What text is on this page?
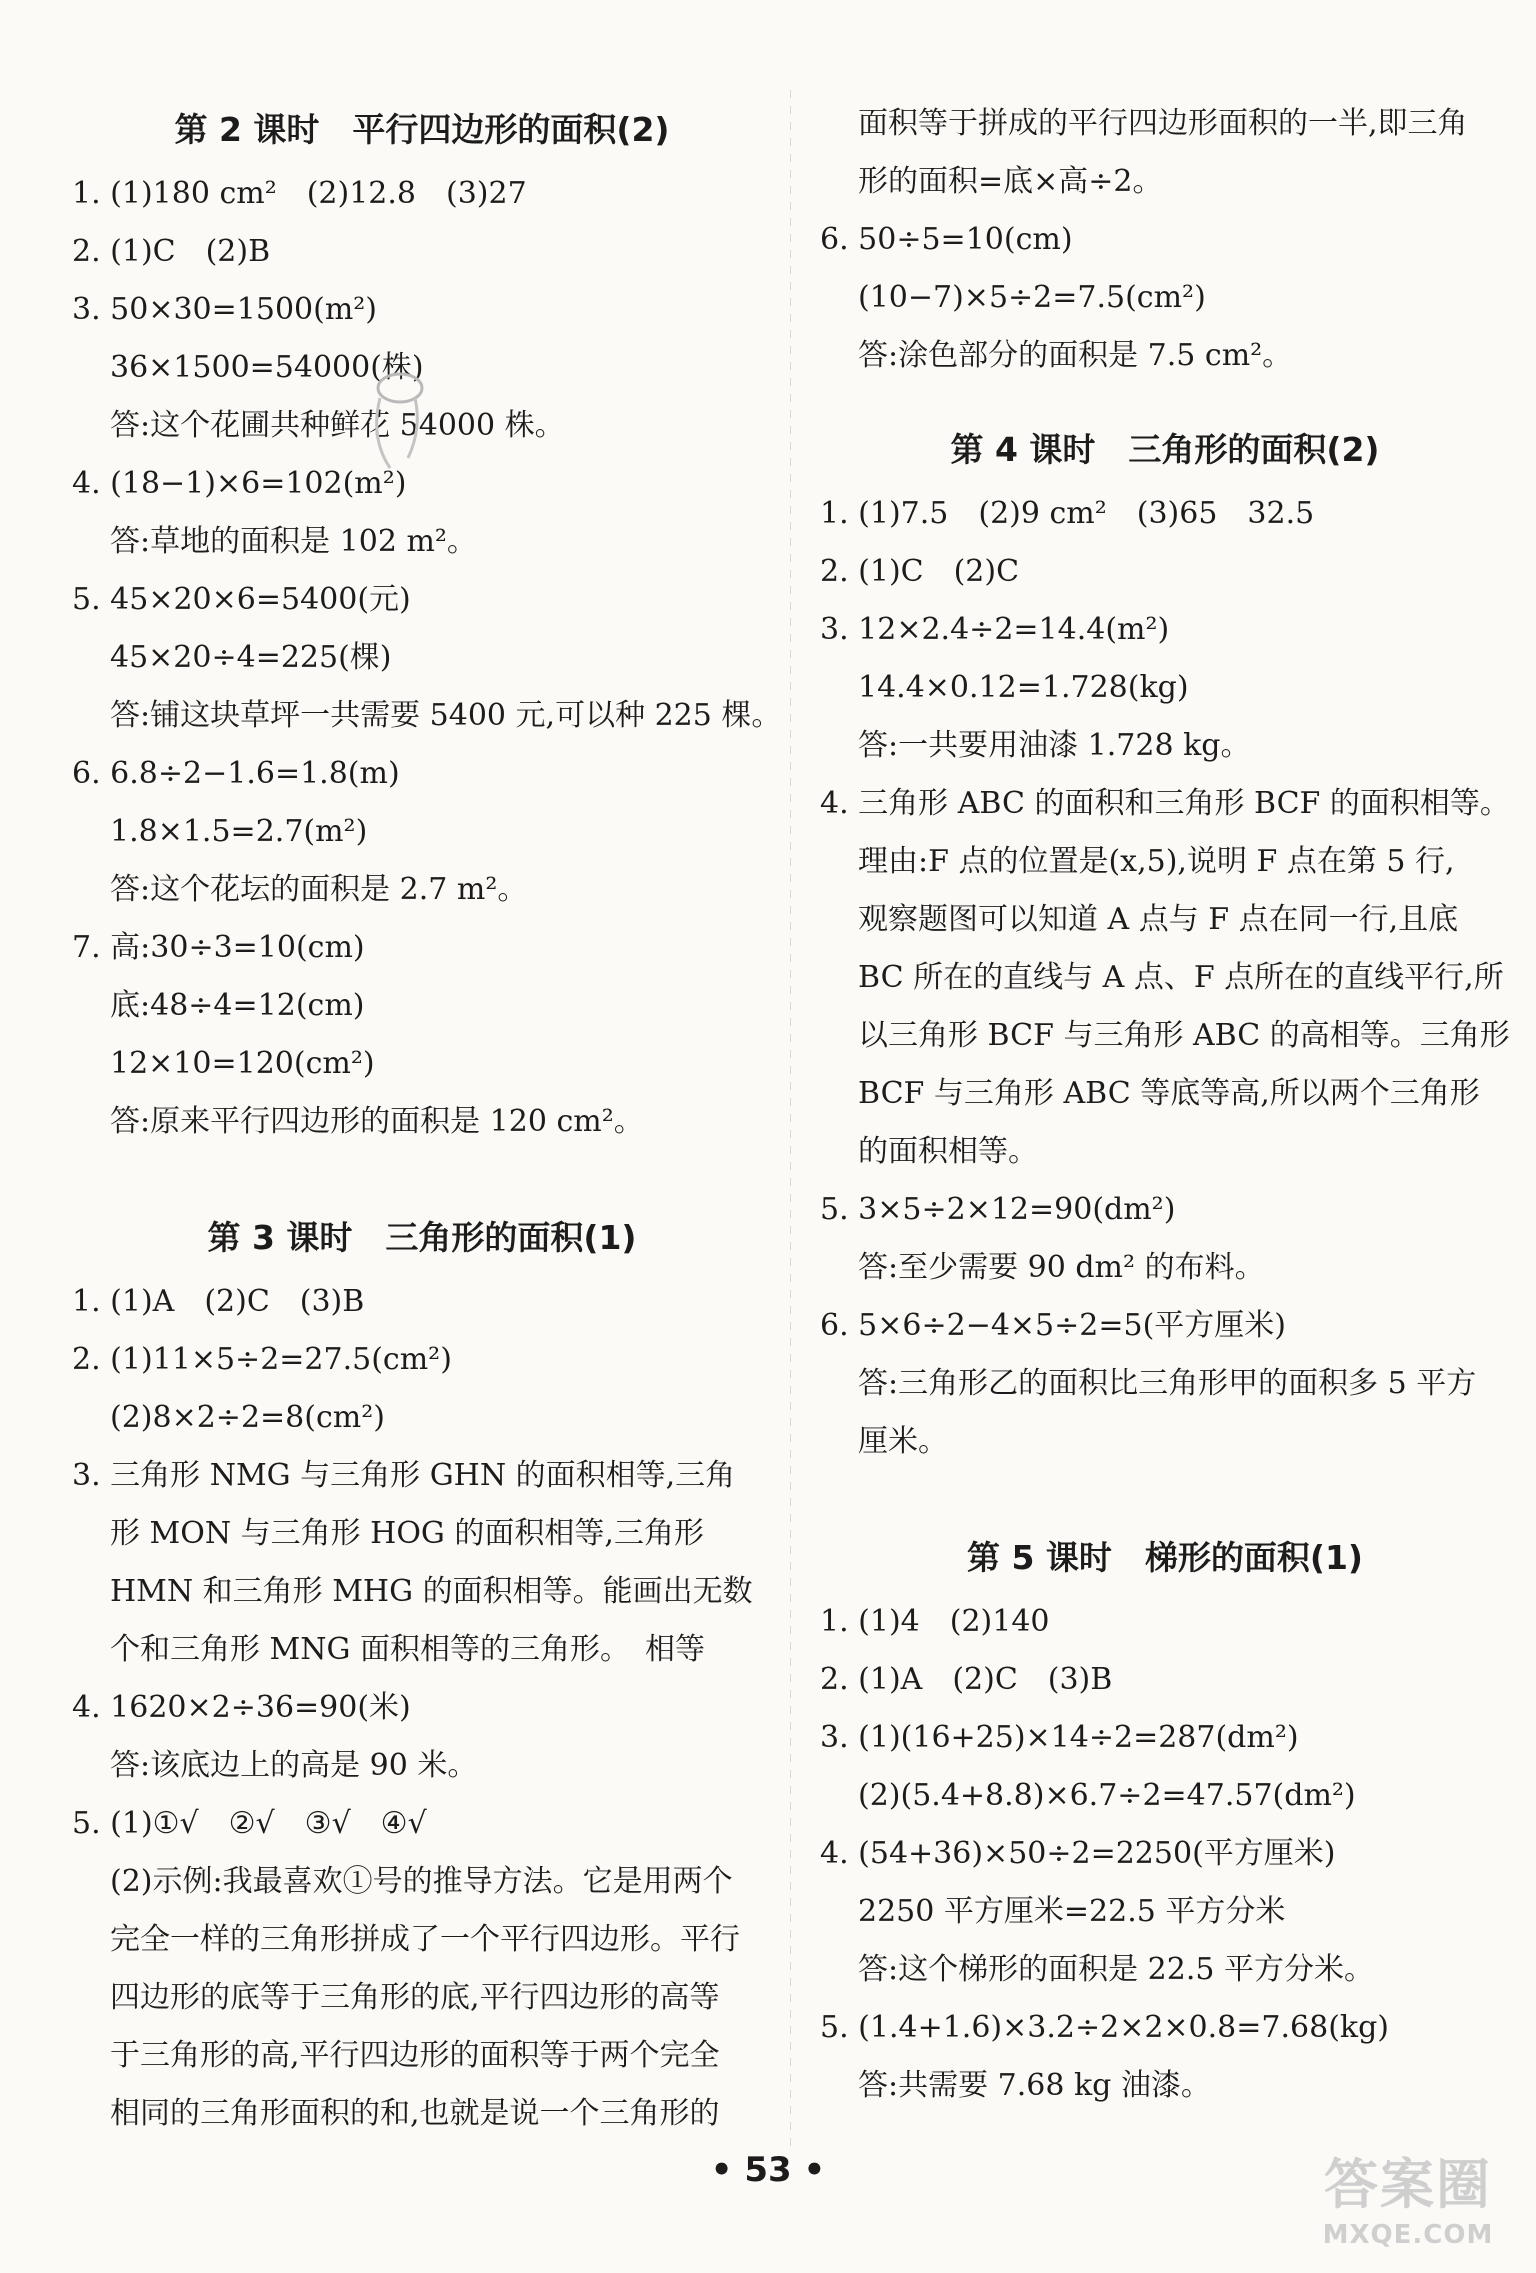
第 2 课时　平行四边形的面积(2)
1. (1)180 cm²　(2)12.8　(3)27
2. (1)C　(2)B
3. 50×30=1500(m²)
36×1500=54000(株)
答:这个花圃共种鲜花 54000 株。
4. (18−1)×6=102(m²)
答:草地的面积是 102 m²。
5. 45×20×6=5400(元)
45×20÷4=225(棵)
答:铺这块草坪一共需要 5400 元,可以种 225 棵。
6. 6.8÷2−1.6=1.8(m)
1.8×1.5=2.7(m²)
答:这个花坛的面积是 2.7 m²。
7. 高:30÷3=10(cm)
底:48÷4=12(cm)
12×10=120(cm²)
答:原来平行四边形的面积是 120 cm²。
第 3 课时　三角形的面积(1)
1. (1)A　(2)C　(3)B
2. (1)11×5÷2=27.5(cm²)
(2)8×2÷2=8(cm²)
3. 三角形 NMG 与三角形 GHN 的面积相等,三角
形 MON 与三角形 HOG 的面积相等,三角形
HMN 和三角形 MHG 的面积相等。能画出无数
个和三角形 MNG 面积相等的三角形。　相等
4. 1620×2÷36=90(米)
答:该底边上的高是 90 米。
5. (1)①√　②√　③√　④√
(2)示例:我最喜欢①号的推导方法。它是用两个
完全一样的三角形拼成了一个平行四边形。平行
四边形的底等于三角形的底,平行四边形的高等
于三角形的高,平行四边形的面积等于两个完全
相同的三角形面积的和,也就是说一个三角形的
面积等于拼成的平行四边形面积的一半,即三角
形的面积=底×高÷2。
6. 50÷5=10(cm)
(10−7)×5÷2=7.5(cm²)
答:涂色部分的面积是 7.5 cm²。
第 4 课时　三角形的面积(2)
1. (1)7.5　(2)9 cm²　(3)65　32.5
2. (1)C　(2)C
3. 12×2.4÷2=14.4(m²)
14.4×0.12=1.728(kg)
答:一共要用油漆 1.728 kg。
4. 三角形 ABC 的面积和三角形 BCF 的面积相等。
理由:F 点的位置是(x,5),说明 F 点在第 5 行,
观察题图可以知道 A 点与 F 点在同一行,且底
BC 所在的直线与 A 点、F 点所在的直线平行,所
以三角形 BCF 与三角形 ABC 的高相等。三角形
BCF 与三角形 ABC 等底等高,所以两个三角形
的面积相等。
5. 3×5÷2×12=90(dm²)
答:至少需要 90 dm² 的布料。
6. 5×6÷2−4×5÷2=5(平方厘米)
答:三角形乙的面积比三角形甲的面积多 5 平方
厘米。
第 5 课时　梯形的面积(1)
1. (1)4　(2)140
2. (1)A　(2)C　(3)B
3. (1)(16+25)×14÷2=287(dm²)
(2)(5.4+8.8)×6.7÷2=47.57(dm²)
4. (54+36)×50÷2=2250(平方厘米)
2250 平方厘米=22.5 平方分米
答:这个梯形的面积是 22.5 平方分米。
5. (1.4+1.6)×3.2÷2×2×0.8=7.68(kg)
答:共需要 7.68 kg 油漆。
• 53 •	答案圈
MXQE.COM
